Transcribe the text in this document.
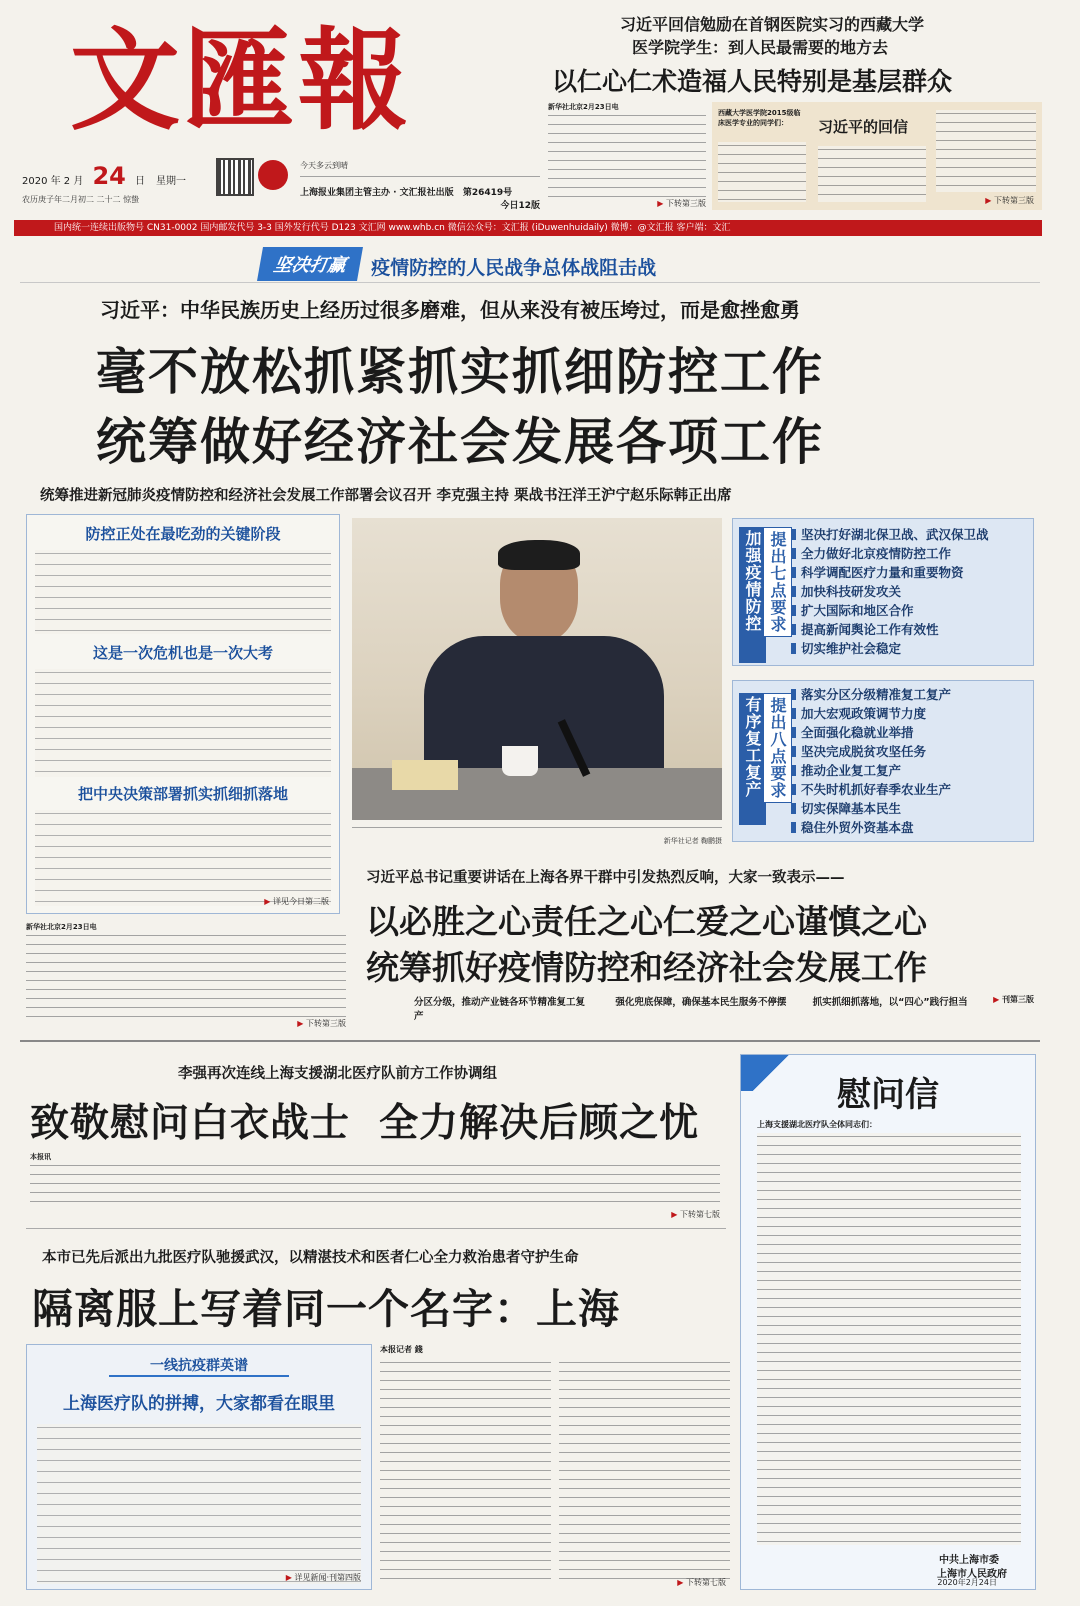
文匯報
2020 年 2 月 24 日 星期一
农历庚子年二月初二 二十二 惊蛰
今天多云到晴
上海报业集团主管主办 · 文汇报社出版 第26419号
今日12版
习近平回信勉励在首钢医院实习的西藏大学
医学院学生：到人民最需要的地方去
以仁心仁术造福人民特别是基层群众
新华社北京2月23日电
▶ 下转第三版
西藏大学医学院2015级临床医学专业的同学们：	习近平的回信
▶ 下转第三版
国内统一连续出版物号 CN31-0002 国内邮发代号 3-3 国外发行代号 D123 文汇网 www.whb.cn 微信公众号：文汇报 (iDuwenhuidaily) 微博：@文汇报 客户端：文汇
坚决打赢 疫情防控的人民战争总体战阻击战
习近平：中华民族历史上经历过很多磨难，但从来没有被压垮过，而是愈挫愈勇
毫不放松抓紧抓实抓细防控工作
统筹做好经济社会发展各项工作
统筹推进新冠肺炎疫情防控和经济社会发展工作部署会议召开 李克强主持 栗战书汪洋王沪宁赵乐际韩正出席
防控正处在最吃劲的关键阶段
这是一次危机也是一次大考
把中央决策部署抓实抓细抓落地
▶ 详见今日第二版
新华社记者 鞠鹏摄
加强疫情防控 提出七点要求	坚决打好湖北保卫战、武汉保卫战
全力做好北京疫情防控工作
科学调配医疗力量和重要物资
加快科技研发攻关
扩大国际和地区合作
提高新闻舆论工作有效性
切实维护社会稳定
有序复工复产 提出八点要求
落实分区分级精准复工复产
加大宏观政策调节力度
全面强化稳就业举措
坚决完成脱贫攻坚任务
推动企业复工复产
不失时机抓好春季农业生产
切实保障基本民生
稳住外贸外资基本盘
新华社北京2月23日电
▶ 下转第三版
习近平总书记重要讲话在上海各界干群中引发热烈反响，大家一致表示——
以必胜之心责任之心仁爱之心谨慎之心
统筹抓好疫情防控和经济社会发展工作
分区分级，推动产业链各环节精准复工复产 强化兜底保障，确保基本民生服务不停摆	抓实抓细抓落地，以“四心”践行担当
▶	刊第三版
李强再次连线上海支援湖北医疗队前方工作协调组
致敬慰问白衣战士  全力解决后顾之忧
本报讯
▶ 下转第七版
慰问信
上海支援湖北医疗队全体同志们：
中共上海市委
上海市人民政府
2020年2月24日
本市已先后派出九批医疗队驰援武汉，以精湛技术和医者仁心全力救治患者守护生命
隔离服上写着同一个名字：上海
一线抗疫群英谱
上海医疗队的拼搏，大家都看在眼里
▶ 详见新闻·刊第四版
本报记者 錢
▶ 下转第七版
